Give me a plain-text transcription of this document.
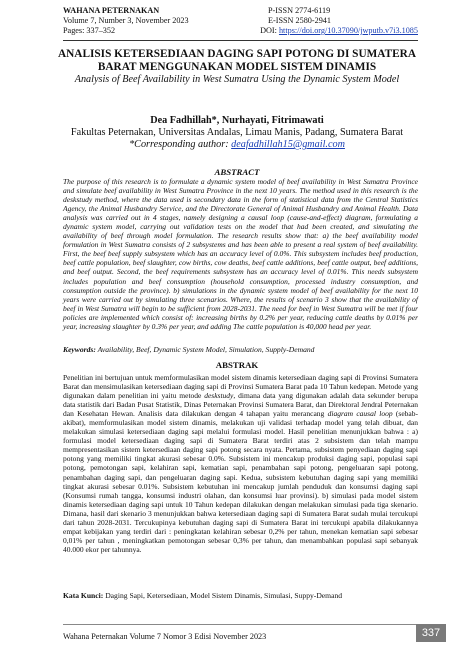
WAHANA PETERNAKAN	P-ISSN 2774-6119
Volume 7, Number 3, November 2023	E-ISSN 2580-2941
Pages: 337–352	DOI: https://doi.org/10.37090/jwputb.v7i3.1085

ANALISIS KETERSEDIAAN DAGING SAPI POTONG DI SUMATERA

BARAT MENGGUNAKAN MODEL SISTEM DINAMIS

Analysis of Beef Availability in West Sumatra Using the Dynamic System Model

Dea Fadhillah*, Nurhayati, Fitrimawati
Fakultas Peternakan, Universitas Andalas, Limau Manis, Padang, Sumatera Barat
*Corresponding author: deafadhillah15@gmail.com
ABSTRACT
The purpose of this research is to formulate a dynamic system model of beef availability in West Sumatra Province and simulate beef availability in West Sumatra Province in the next 10 years. The method used in this research is the deskstudy method, where the data used is secondary data in the form of statistical data from the Central Statistics Agency, the Animal Husbandry Service, and the Directorate General of Animal Husbandry and Animal Health. Data analysis was carried out in 4 stages, namely designing a causal loop (cause-and-effect) diagram, formulating a dynamic system model, carrying out validation tests on the model that had been created, and simulating the availability of beef through model formulation. The research results show that: a) the beef availability model formulation in West Sumatra consists of 2 subsystems and has been able to present a real system of beef availability. First, the beef beef supply subsystem which has an accuracy level of 0.0%. This subsystem includes beef production, beef cattle population, beef slaughter, cow births, cow deaths, beef cattle additions, beef cattle output, beef additions, and beef output. Second, the beef requirements subsystem has an accuracy level of 0.01%. This needs subsystem includes population and beef consumption (household consumption, processed industry consumption, and consumption outside the province). b) simulations in the dynamic system model of beef availability for the next 10 years were carried out by simulating three scenarios. Where, the results of scenario 3 show that the availability of beef in West Sumatra will begin to be sufficient from 2028-2031. The need for beef in West Sumatra will be met if four policies are implemented which consist of: increasing births by 0.2% per year, reducing cattle deaths by 0.01% per year, increasing slaughter by 0.3% per year, and adding The cattle population is 40,000 head per year.
Keywords: Availability, Beef, Dynamic System Model, Simulation, Supply-Demand
ABSTRAK
Penelitian ini bertujuan untuk memformulasikan model sistem dinamis ketersediaan daging sapi di Provinsi Sumatera Barat dan mensimulasikan ketersediaan daging sapi di Provinsi Sumatera Barat pada 10 Tahun kedepan. Metode yang digunakan dalam penelitian ini yaitu metode deskstudy, dimana data yang digunakan adalah data sekunder berupa data statistik dari Badan Pusat Statistik, Dinas Peternakan Provinsi Sumatera Barat, dan Direktoral Jendral Peternakan dan Kesehatan Hewan. Analisis data dilakukan dengan 4 tahapan yaitu merancang diagram causal loop (sebab-akibat), memformulasikan model sistem dinamis, melakukan uji validasi terhadap model yang telah dibuat, dan melakukan simulasi ketersediaan daging sapi melalui formulasi model. Hasil penelitian menunjukkan bahwa : a) formulasi model ketersediaan daging sapi di Sumatera Barat terdiri atas 2 subsistem dan telah mampu mempresentasikan sistem ketersediaan daging sapi potong secara nyata. Pertama, subsistem penyediaan daging sapi potong yang memiliki tingkat akurasi sebesar 0.0%. Subsistem ini mencakup produksi daging sapi, populasi sapi potong, pemotongan sapi, kelahiran sapi, kematian sapi, penambahan sapi potong, pengeluaran sapi potong, penambahan daging sapi, dan pengeluaran daging sapi. Kedua, subsistem kebutuhan daging sapi yang memiliki tingkat akurasi sebesar 0.01%. Subsistem kebutuhan ini mencakup jumlah penduduk dan konsumsi daging sapi (Konsumsi rumah tangga, konsumsi industri olahan, dan konsumsi luar provinsi). b) simulasi pada model sistem dinamis ketersediaan daging sapi untuk 10 Tahun kedepan dilakukan dengan melakukan simulasi pada tiga skenario. Dimana, hasil dari skenario 3 menunjukkan bahwa ketersediaan daging sapi di Sumatera Barat sudah mulai tercukupi dari tahun 2028-2031. Tercukupinya kebutuhan daging sapi di Sumatera Barat ini tercukupi apabila dilakukannya empat kebijakan yang terdiri dari : peningkatan kelahiran sebesar 0,2% per tahun, menekan kematian sapi sebesar 0,01% per tahun , meningkatkan pemotongan sebesar 0,3% per tahun, dan menambahkan populasi sapi sebanyak 40.000 ekor per tahunnya.
Kata Kunci: Daging Sapi, Ketersediaan, Model Sistem Dinamis, Simulasi, Suppy-Demand
Wahana Peternakan Volume 7 Nomor 3 Edisi November 2023	337
